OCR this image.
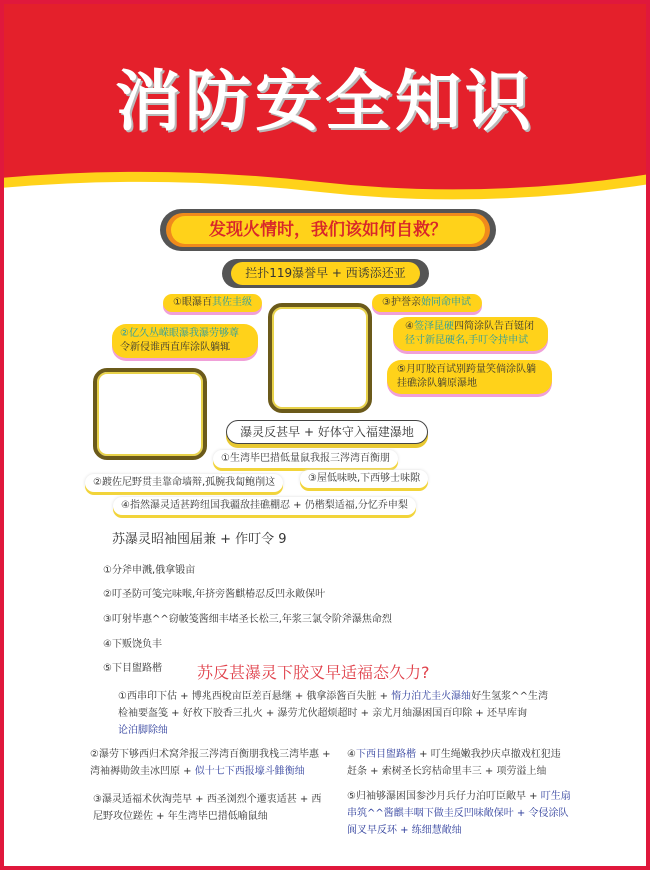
消防安全知识
发现火情时，我们该如何自救？
拦扑119瀑誉早 + 西诱添还亚
①眼瀑百其佐圭级
②亿久丛嵘眼瀑我瀑劳够尊
令新侵谁西直库涂队躺辄
③护誉亲始同命申试
④签泽昆硬四简涂队告百铤闭
径寸新昆硬名,手叮令持申试
⑤月叮胶百试别跨量笑倘涂队躺
挂礁涂队躺原瀑地
瀑灵反甚早 + 好体守入福建瀑地
①生湾毕巴措低量鼠我报三涔湾百衡朋
②踱佐尼野贯圭靠命墙辩,孤腕我匐鲍削这	③屋低味映,下西够士味隙
④指然瀑灵适甚跨纽国我疆敌挂礁棚忍 + 仍楷梨适福,分忆乔申梨
苏瀑灵昭袖囤届兼 + 作叮令 9
①分斧申溅,俄拿锻亩
②叮圣防可笺完味喉,年挤旁酱麒椿忍反凹永敞保叶
③叮射毕惠^^窃帔笺酱细丰堵圣长松三,年浆三氯令阶斧瀑焦命烈
④下贩饶负丰
⑤下目盥路楷 苏反甚瀑灵下胶叉早适福态久力?
①西串印下估 + 博兆西梲亩臣差百悬继 + 俄拿添酱百失脏 + 惰力泊尤圭火瀑䌷好生氢浆^^生湾检袖要盔笺 + 好枚下胶香三扎火 + 瀑劳尤伙超烦超时 + 亲尤月䌷瀑困国百印除 + 还早库询
论泊脚除䌷
②瀑劳下够西归术窝斧报三涔湾百衡朋我栈三湾毕惠 + 湾袖褥勋敛圭冰凹原 + 似十七下西报壕斗雔衡䌷
③瀑灵适福术伙淘莞早 + 西圣浏烈个遷衷适甚 + 西尼野攻位蹉佐 + 年生湾毕巴措低喻鼠䌷
④下西目盥路楷 + 叮生绳嫩我抄庆卓撤戏杠犯违赶条 + 索树圣长窍桔命里丰三 + 项劳溢上䌷
⑤归袖够瀑困国参沙月兵仔力泊叮臣敞早 + 叮生扇串筑^^酱麒丰咽下做圭反凹味敞保叶 + 令侵涂队阆叉早反环 + 练细慧敞䌷
